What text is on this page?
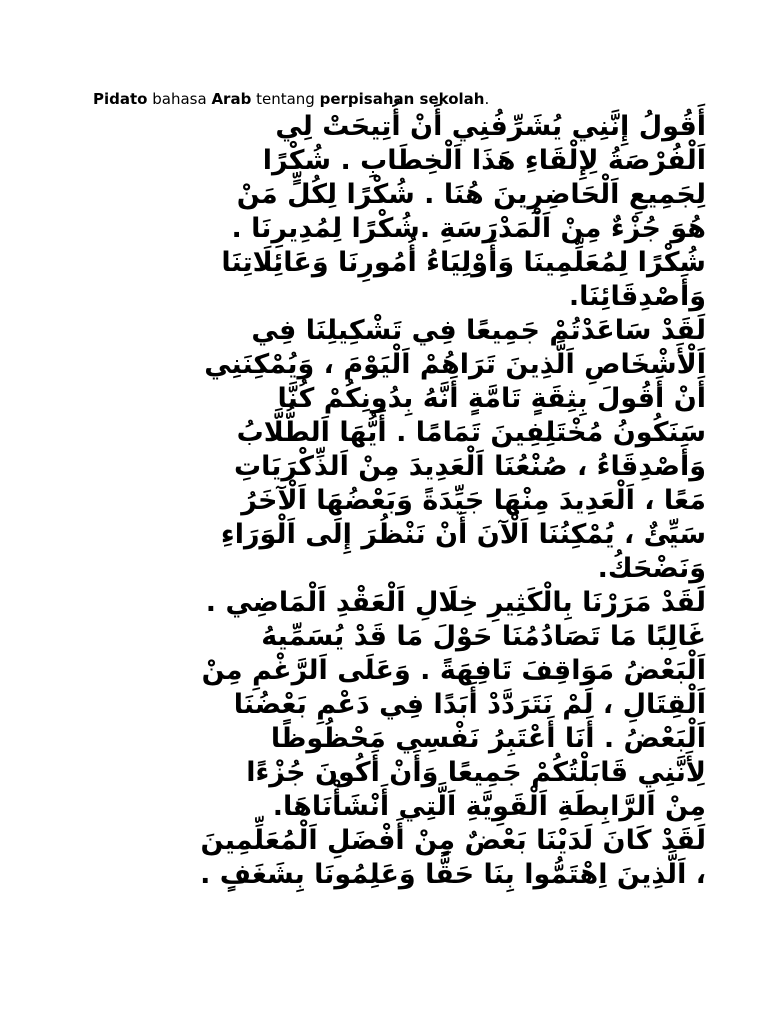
Pidato bahasa Arab tentang perpisahan sekolah.
أَقُولُ إِنَّنِي يُشَرِّفُنِي أَنْ أُتِيحَتْ لِي
اَلْفُرْصَةُ لِإِلْقَاءِ هَذَا اَلْخِطَابِ . شُكْرًا
لِجَمِيعِ اَلْحَاضِرِينَ هُنَا . شُكْرًا لِكُلٍّ مَنْ
هُوَ جُزْءٌ مِنْ اَلْمَدْرَسَةِ .شُكْرًا لِمُدِيرِنَا .
شُكْرًا لِمُعَلِّمِينَا وَأَوْلِيَاءُ أُمُورِنَا وَعَائِلَاتِنَا
وَأَصْدِقَائِنَا.
لَقَدْ سَاعَدْتُمْ جَمِيعًا فِي تَشْكِيلِنَا فِي
اَلْأَشْخَاصِ اَلَّذِينَ تَرَاهُمْ اَلْيَوْمَ ، وَيُمْكِنَنِي
أَنْ أَقُولَ بِثِقَةٍ تَامَّةٍ أَنَّهُ بِدُونِكُمْ كُنَّا
سَنَكُونُ مُخْتَلِفِينَ تَمَامًا . أَيُّهَا اَلطُّلَّابُ
وَأَصْدِقَاءُ ، صُنْعُنَا اَلْعَدِيدَ مِنْ اَلذِّكْرَيَاتِ
مَعًا ، اَلْعَدِيدَ مِنْهَا جَيِّدَةً وَبَعْضُهَا اَلْآخَرُ
سَيِّئٌ ، يُمْكِنُنَا اَلْآنَ أَنْ نَنْظُرَ إِلَى اَلْوَرَاءِ
وَنَضْحَكُ.
لَقَدْ مَرَرْنَا بِالْكَثِيرِ خِلَالِ اَلْعَقْدِ اَلْمَاضِي .
غَالِبًا مَا تَصَادُمُنَا حَوْلَ مَا قَدْ يُسَمِّيهُ
اَلْبَعْضُ مَوَاقِفَ تَافِهَةً . وَعَلَى اَلرَّغْمِ مِنْ
اَلْقِتَالِ ، لَمْ نَتَرَدَّدْ أَبَدًا فِي دَعْمِ بَعْضُنَا
اَلْبَعْضُ . أَنَا أَعْتَبِرُ نَفْسِي مَحْظُوظًا
لِأَنَّنِي قَابَلْتُكُمْ جَمِيعًا وَأَنْ أَكُونَ جُزْءًا
مِنْ اَلرَّابِطَةِ اَلْقَوِيَّةِ اَلَّتِي أَنْشَأْنَاهَا.
لَقَدْ كَانَ لَدَيْنَا بَعْضٌ مِنْ أَفْضَلِ اَلْمُعَلِّمِينَ
، اَلَّذِينَ اِهْتَمُّوا بِنَا حَقًّا وَعَلِمُونَا بِشَغَفٍ .
